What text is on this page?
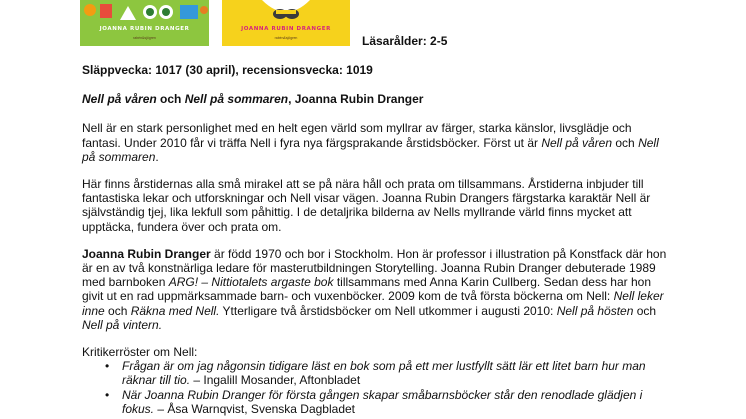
JOANNA RUBIN DRANGER
rabén&sjögren
JOANNA RUBIN DRANGER
rabén&sjögren	Läsarålder: 2-5

Släppvecka: 1017 (30 april), recensionsvecka: 1019

Nell på våren och Nell på sommaren, Joanna Rubin Dranger

Nell är en stark personlighet med en helt egen värld som myllrar av färger, starka känslor, livsglädje och fantasi. Under 2010 får vi träffa Nell i fyra nya färgsprakande årstidsböcker. Först ut är Nell på våren och Nell på sommaren.

Här finns årstidernas alla små mirakel att se på nära håll och prata om tillsammans. Årstiderna inbjuder till fantastiska lekar och utforskningar och Nell visar vägen. Joanna Rubin Drangers färgstarka karaktär Nell är självständig tjej, lika lekfull som påhittig. I de detaljrika bilderna av Nells myllrande värld finns mycket att upptäcka, fundera över och prata om.

Joanna Rubin Dranger är född 1970 och bor i Stockholm. Hon är professor i illustration på Konstfack där hon är en av två konstnärliga ledare för masterutbildningen Storytelling. Joanna Rubin Dranger debuterade 1989 med barnboken ARG! – Nittiotalets argaste bok tillsammans med Anna Karin Cullberg. Sedan dess har hon givit ut en rad uppmärksammade barn- och vuxenböcker. 2009 kom de två första böckerna om Nell: Nell leker inne och Räkna med Nell. Ytterligare två årstidsböcker om Nell utkommer i augusti 2010: Nell på hösten och Nell på vintern.

Kritikerröster om Nell:

• Frågan är om jag någonsin tidigare läst en bok som på ett mer lustfyllt sätt lär ett litet barn hur man räknar till tio. – Ingalill Mosander, Aftonbladet
• När Joanna Rubin Dranger för första gången skapar småbarnsböcker står den renodlade glädjen i fokus. – Åsa Warnqvist, Svenska Dagbladet
